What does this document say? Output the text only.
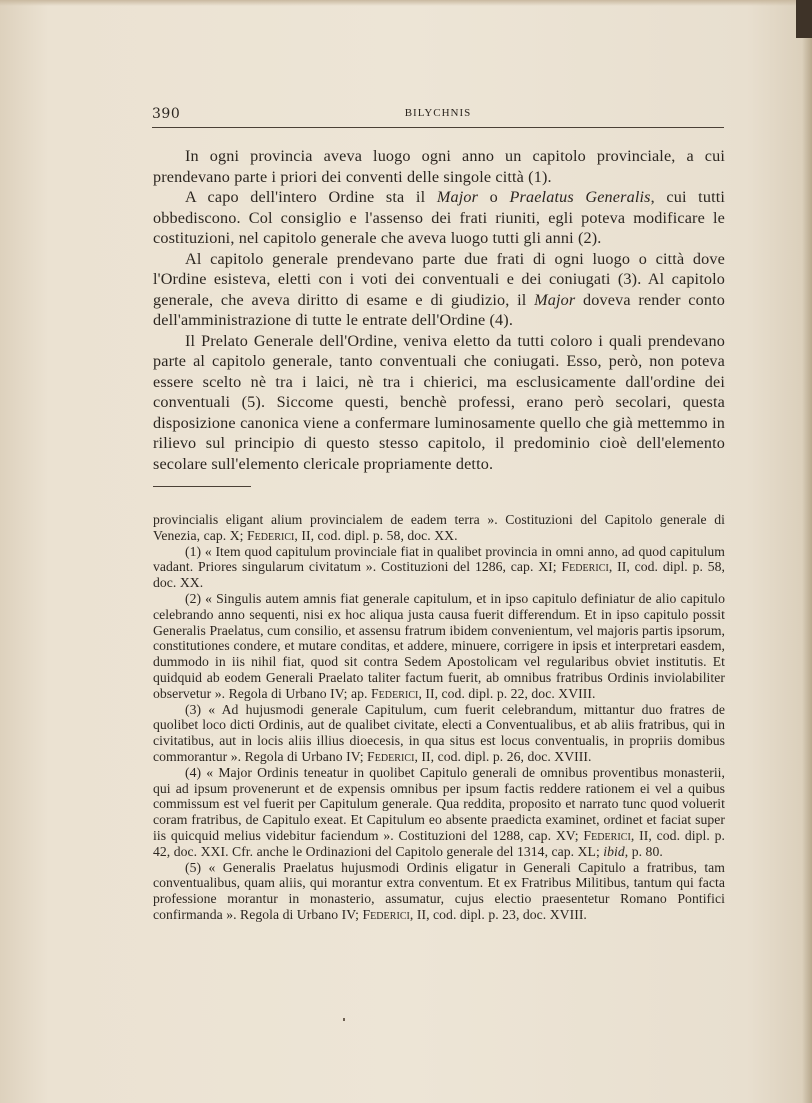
390	BILYCHNIS

In ogni provincia aveva luogo ogni anno un capitolo provinciale, a cui prendevano parte i priori dei conventi delle singole città (1).

A capo dell'intero Ordine sta il Major o Praelatus Generalis, cui tutti obbediscono. Col consiglio e l'assenso dei frati riuniti, egli poteva modificare le costituzioni, nel capitolo generale che aveva luogo tutti gli anni (2).

Al capitolo generale prendevano parte due frati di ogni luogo o città dove l'Ordine esisteva, eletti con i voti dei conventuali e dei coniugati (3). Al capitolo generale, che aveva diritto di esame e di giudizio, il Major doveva render conto dell'amministrazione di tutte le entrate dell'Ordine (4).

Il Prelato Generale dell'Ordine, veniva eletto da tutti coloro i quali prendevano parte al capitolo generale, tanto conventuali che coniugati. Esso, però, non poteva essere scelto nè tra i laici, nè tra i chierici, ma esclusicamente dall'ordine dei conventuali (5). Siccome questi, benchè professi, erano però secolari, questa disposizione canonica viene a confermare luminosamente quello che già mettemmo in rilievo sul principio di questo stesso capitolo, il predominio cioè dell'elemento secolare sull'elemento clericale propriamente detto.

provincialis eligant alium provincialem de eadem terra ». Costituzioni del Capitolo generale di Venezia, cap. X; Federici, II, cod. dipl. p. 58, doc. XX.

(1) « Item quod capitulum provinciale fiat in qualibet provincia in omni anno, ad quod capitulum vadant. Priores singularum civitatum ». Costituzioni del 1286, cap. XI; Federici, II, cod. dipl. p. 58, doc. XX.

(2) « Singulis autem amnis fiat generale capitulum, et in ipso capitulo definiatur de alio capitulo celebrando anno sequenti, nisi ex hoc aliqua justa causa fuerit differendum. Et in ipso capitulo possit Generalis Praelatus, cum consilio, et assensu fratrum ibidem convenientum, vel majoris partis ipsorum, constitutiones condere, et mutare conditas, et addere, minuere, corrigere in ipsis et interpretari easdem, dummodo in iis nihil fiat, quod sit contra Sedem Apostolicam vel regularibus obviet institutis. Et quidquid ab eodem Generali Praelato taliter factum fuerit, ab omnibus fratribus Ordinis inviolabiliter observetur ». Regola di Urbano IV; ap. Federici, II, cod. dipl. p. 22, doc. XVIII.

(3) « Ad hujusmodi generale Capitulum, cum fuerit celebrandum, mittantur duo fratres de quolibet loco dicti Ordinis, aut de qualibet civitate, electi a Conventualibus, et ab aliis fratribus, qui in civitatibus, aut in locis aliis illius dioecesis, in qua situs est locus conventualis, in propriis domibus commorantur ». Regola di Urbano IV; Federici, II, cod. dipl. p. 26, doc. XVIII.

(4) « Major Ordinis teneatur in quolibet Capitulo generali de omnibus proventibus monasterii, qui ad ipsum provenerunt et de expensis omnibus per ipsum factis reddere rationem ei vel a quibus commissum est vel fuerit per Capitulum generale. Qua reddita, proposito et narrato tunc quod voluerit coram fratribus, de Capitulo exeat. Et Capitulum eo absente praedicta examinet, ordinet et faciat super iis quicquid melius videbitur faciendum ». Costituzioni del 1288, cap. XV; Federici, II, cod. dipl. p. 42, doc. XXI. Cfr. anche le Ordinazioni del Capitolo generale del 1314, cap. XL; ibid, p. 80.

(5) « Generalis Praelatus hujusmodi Ordinis eligatur in Generali Capitulo a fratribus, tam conventualibus, quam aliis, qui morantur extra conventum. Et ex Fratribus Militibus, tantum qui facta professione morantur in monasterio, assumatur, cujus electio praesentetur Romano Pontifici confirmanda ». Regola di Urbano IV; Federici, II, cod. dipl. p. 23, doc. XVIII.
